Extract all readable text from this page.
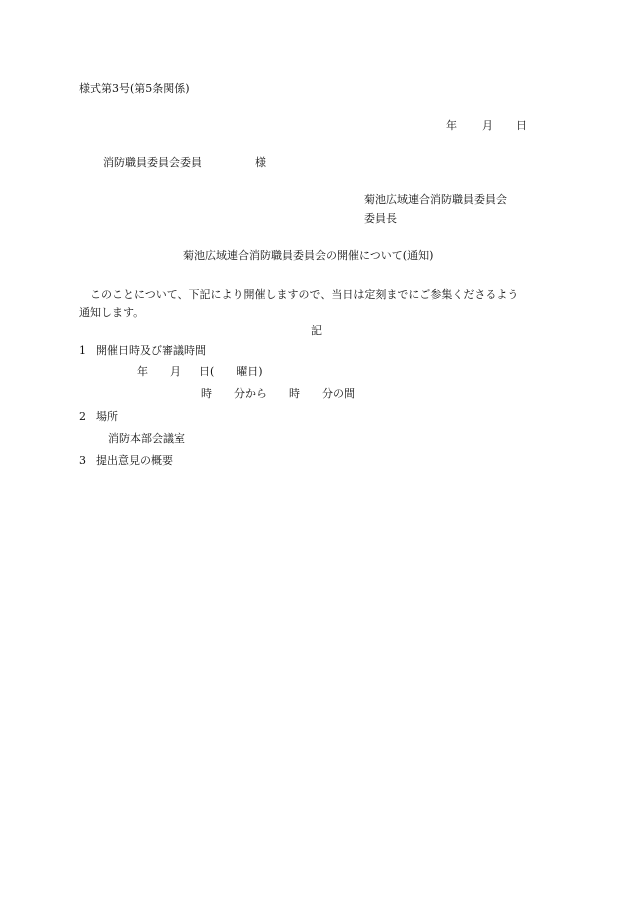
様式第3号(第5条関係)
年 月 日
消防職員委員会委員	様
菊池広域連合消防職員委員会
委員長
菊池広域連合消防職員委員会の開催について(通知)
　このことについて、下記により開催しますので、当日は定刻までにご参集くださるよう
通知します。
記
1 開催日時及び審議時間
年 月 日( 曜日)
時 分から 時 分の間
2 場所
消防本部会議室
3 提出意見の概要
